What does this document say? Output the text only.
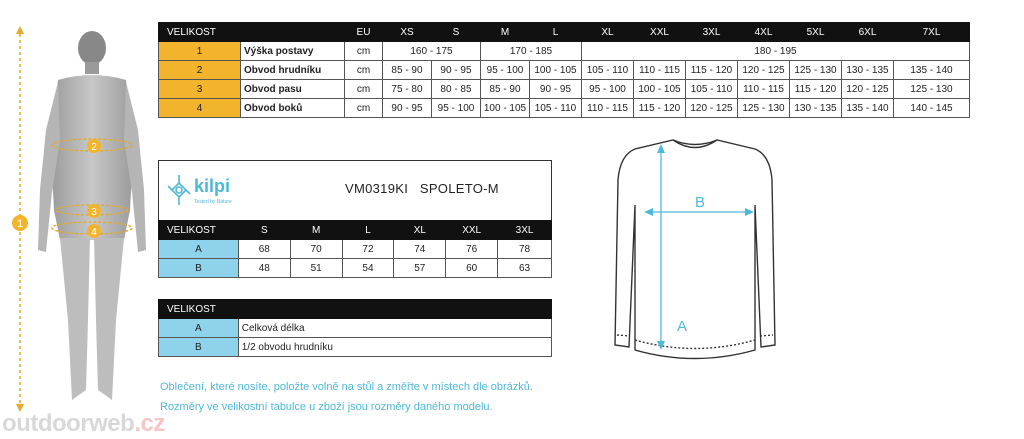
1
2
3
4
VELIKOST		EU	XS	S	M	L	XL	XXL	3XL	4XL	5XL	6XL	7XL
1	Výška postavy	cm	160 - 175		170 - 185		180 - 195						
2	Obvod hrudníku	cm	85 - 90	90 - 95	95 - 100	100 - 105	105 - 110	110 - 115	115 - 120	120 - 125	125 - 130	130 - 135	135 - 140
3	Obvod pasu	cm	75 - 80	80 - 85	85 - 90	90 - 95	95 - 100	100 - 105	105 - 110	110 - 115	115 - 120	120 - 125	125 - 130
4	Obvod boků	cm	90 - 95	95 - 100	100 - 105	105 - 110	110 - 115	115 - 120	120 - 125	125 - 130	130 - 135	135 - 140	140 - 145
kilpi
Tested by Nature
VM0319KI SPOLETO-M
VELIKOST	S	M	L	XL	XXL	3XL
A	68	70	72	74	76	78
B	48	51	54	57	60	63
VELIKOST	
A	Celková délka
B	1/2 obvodu hrudníku
B
A
Oblečení, které nosíte, položte volně na stůl a změřte v místech dle obrázků.
Rozměry ve velikostní tabulce u zboží jsou rozměry daného modelu.
outdoorweb.cz
